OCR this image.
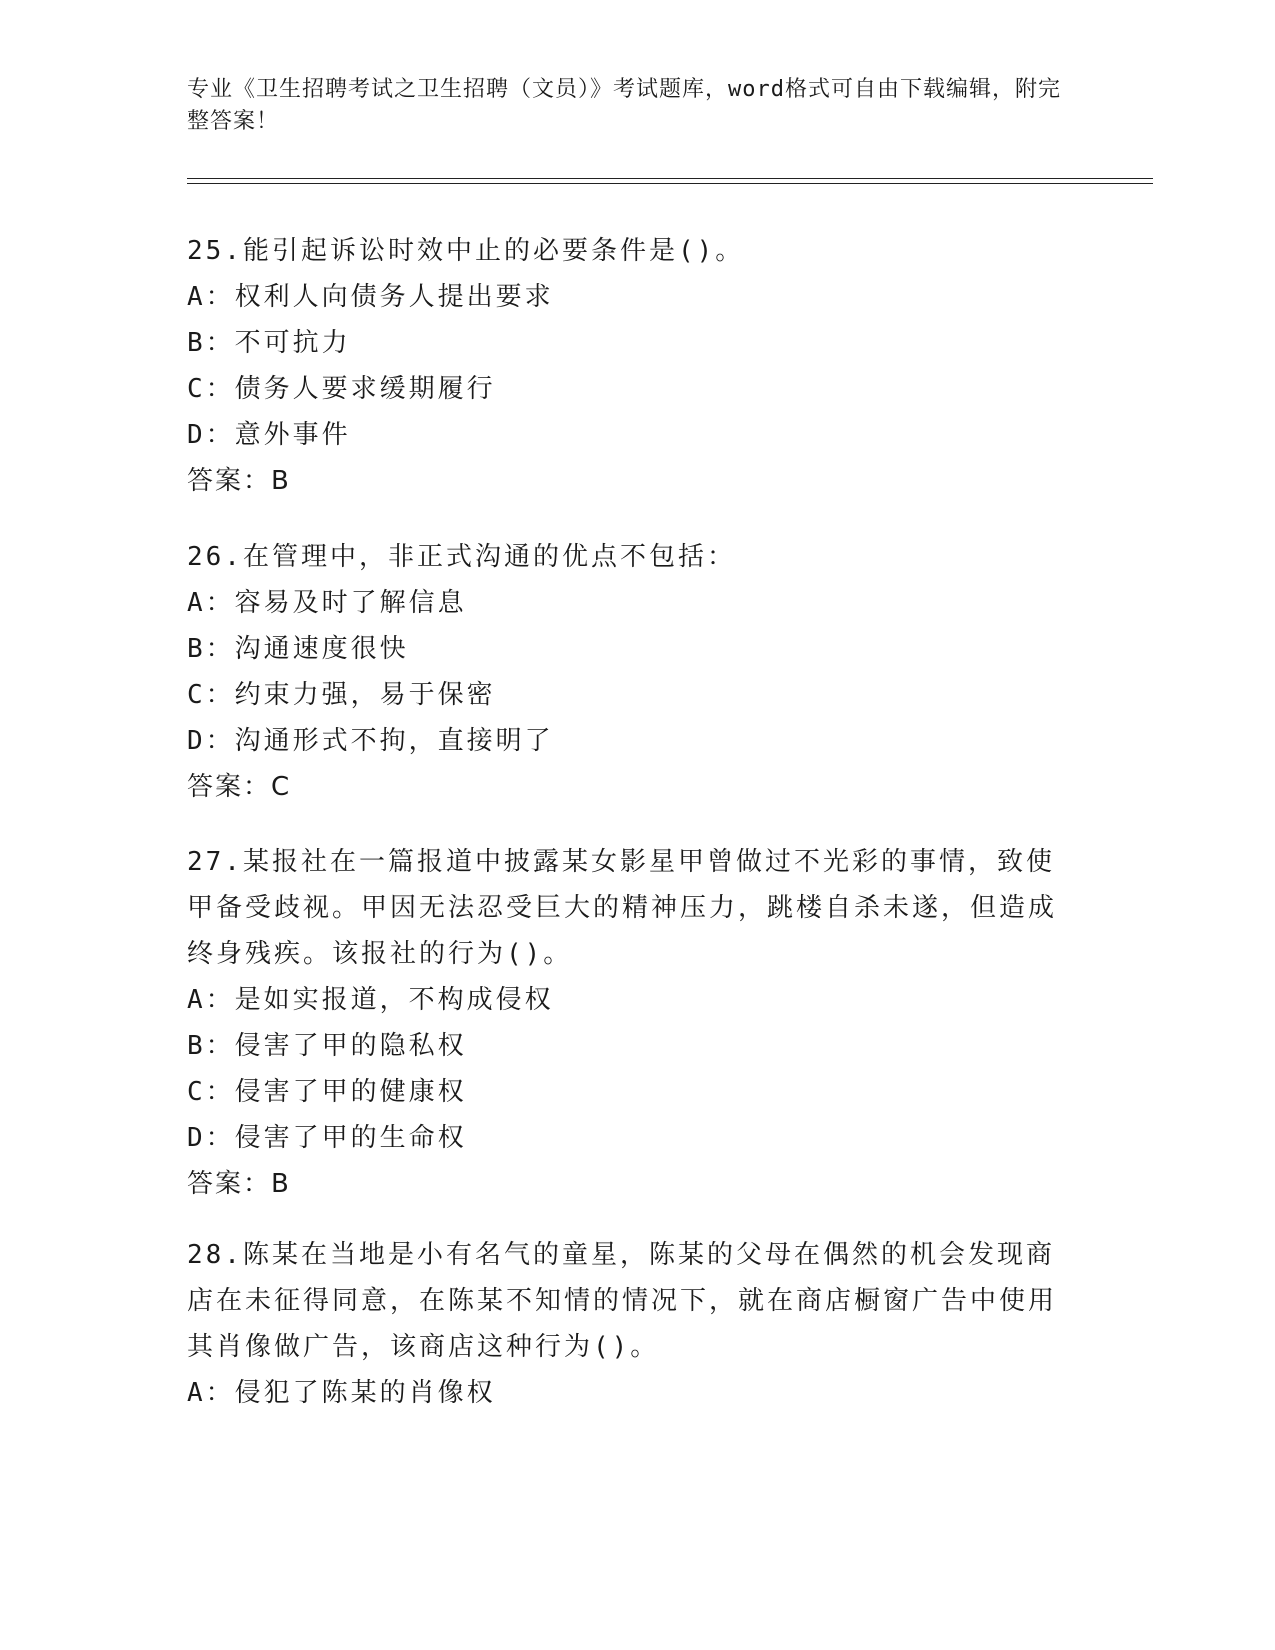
专业《卫生招聘考试之卫生招聘（文员）》考试题库，word格式可自由下载编辑，附完整答案！
25.能引起诉讼时效中止的必要条件是()。
A：权利人向债务人提出要求
B：不可抗力
C：债务人要求缓期履行
D：意外事件
答案：B
26.在管理中，非正式沟通的优点不包括：
A：容易及时了解信息
B：沟通速度很快
C：约束力强，易于保密
D：沟通形式不拘，直接明了
答案：C
27.某报社在一篇报道中披露某女影星甲曾做过不光彩的事情，致使甲备受歧视。甲因无法忍受巨大的精神压力，跳楼自杀未遂，但造成终身残疾。该报社的行为()。
A：是如实报道，不构成侵权
B：侵害了甲的隐私权
C：侵害了甲的健康权
D：侵害了甲的生命权
答案：B
28.陈某在当地是小有名气的童星，陈某的父母在偶然的机会发现商店在未征得同意，在陈某不知情的情况下，就在商店橱窗广告中使用其肖像做广告，该商店这种行为()。
A：侵犯了陈某的肖像权
